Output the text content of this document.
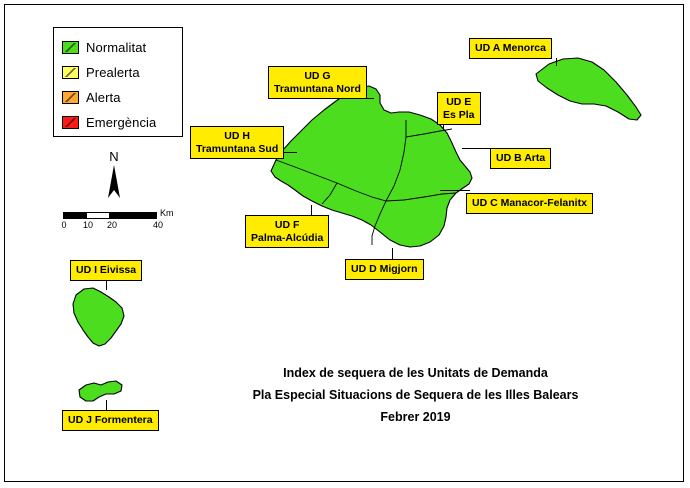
Normalitat
Prealerta
Alerta
Emergència
N
Km
0 10 20	40
UD A Menorca
UD G
Tramuntana Nord
UD E
Es Pla
UD H
Tramuntana Sud
UD B Arta
UD C Manacor-Felanitx
UD F
Palma-Alcúdia
UD D Migjorn
UD I Eivissa
UD J Formentera
Index de sequera de les Unitats de Demanda
Pla Especial Situacions de Sequera de les Illes Balears
Febrer 2019
